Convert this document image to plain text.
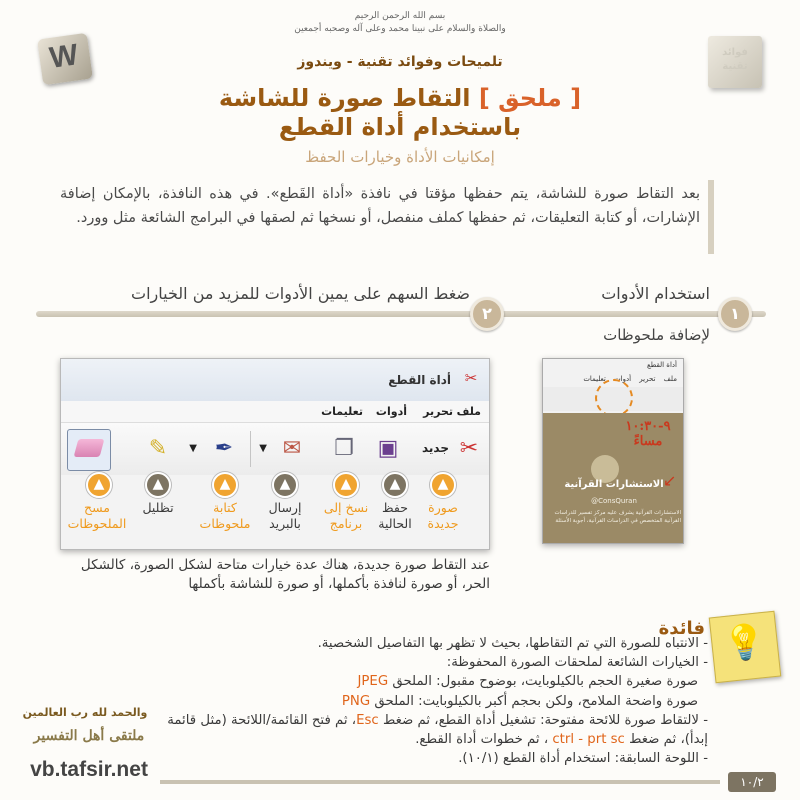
بسم الله الرحمن الرحيم
والصلاة والسلام على نبينا محمد وعلى آله وصحبه أجمعين
W	فوائد تقنية
تلميحات وفوائد تقنية - ويندوز
[ ملحق ] التقاط صورة للشاشة
باستخدام أداة القطع
إمكانيات الأداة وخيارات الحفظ
بعد التقاط صورة للشاشة، يتم حفظها مؤقتا في نافذة «أداة القَطع». في هذه النافذة، بالإمكان إضافة الإشارات، أو كتابة التعليقات، ثم حفظها كملف منفصل، أو نسخها ثم لصقها في البرامج الشائعة مثل وورد.
استخدام الأدوات
ضغط السهم على يمين الأدوات للمزيد من الخيارات
١
٢
لإضافة ملحوظات
✂
أداة القطع
ملف
تحرير
أدوات
تعليمات
✂
جديد
▣
❐
✉
▼
✒
▼
✎
▲
▲
▲
▲
▲
▲
▲
صورة
جديدة
حفظ
الحالية
نسخ إلى
برنامج
إرسال
بالبريد
كتابة
ملحوظات
تظليل
مسح
الملحوظات
عند التقاط صورة جديدة، هناك عدة خيارات متاحة لشكل الصورة، كالشكل الحر، أو صورة لنافذة بأكملها، أو صورة للشاشة بأكملها
أداة القطع
ملف تحرير أدوات تعليمات
٩-١٠:٣٠ مساءً
↙
الاستشارات القرآنية
@ConsQuran
الاستشارات القرآنية يشرف عليه مركز تفسير للدراسات القرآنية المتخصص في الدراسات القرآنية، أجوبة الأسئلة
💡
فائدة
- الانتباه للصورة التي تم التقاطها، بحيث لا تظهر بها التفاصيل الشخصية.
- الخيارات الشائعة لملحقات الصورة المحفوظة:
صورة صغيرة الحجم بالكيلوبايت، بوضوح مقبول: الملحق JPEG
صورة واضحة الملامح، ولكن بحجم أكبر بالكيلوبايت: الملحق PNG
- لالتقاط صورة للائحة مفتوحة: تشغيل أداة القطع، ثم ضغط Esc، ثم فتح القائمة/اللائحة (مثل قائمة إبدأ)، ثم ضغط ctrl - prt sc ، ثم خطوات أداة القطع.
- اللوحة السابقة: استخدام أداة القطع (١٠/١).
والحمد لله رب العالمين
ملتقى أهل التفسير
vb.tafsir.net
١٠/٢
